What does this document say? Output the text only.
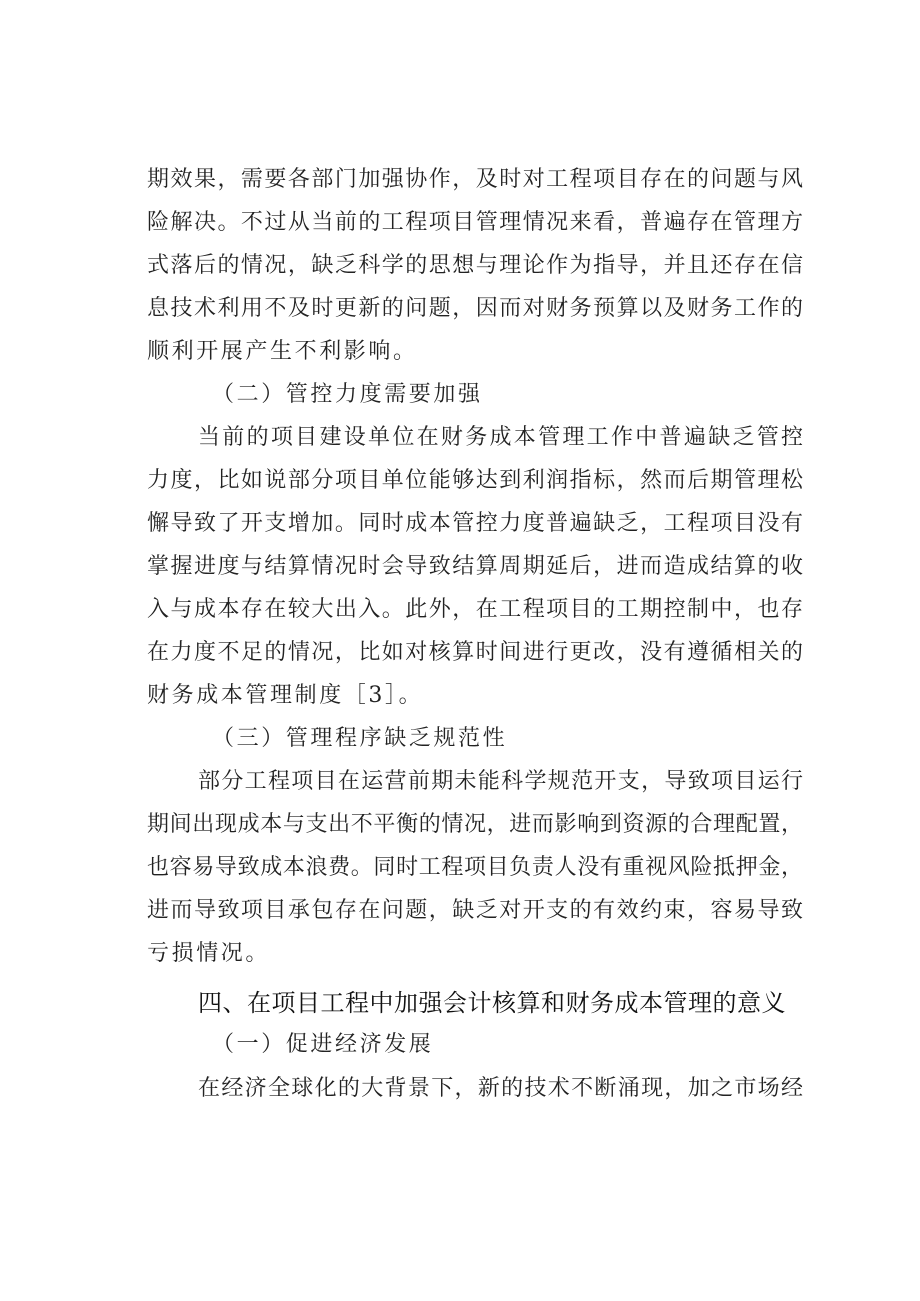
期效果，需要各部门加强协作，及时对工程项目存在的问题与风
险解决。不过从当前的工程项目管理情况来看，普遍存在管理方
式落后的情况，缺乏科学的思想与理论作为指导，并且还存在信
息技术利用不及时更新的问题，因而对财务预算以及财务工作的
顺利开展产生不利影响。
（二）管控力度需要加强
当前的项目建设单位在财务成本管理工作中普遍缺乏管控
力度，比如说部分项目单位能够达到利润指标，然而后期管理松
懈导致了开支增加。同时成本管控力度普遍缺乏，工程项目没有
掌握进度与结算情况时会导致结算周期延后，进而造成结算的收
入与成本存在较大出入。此外，在工程项目的工期控制中，也存
在力度不足的情况，比如对核算时间进行更改，没有遵循相关的
财务成本管理制度［3］。
（三）管理程序缺乏规范性
部分工程项目在运营前期未能科学规范开支，导致项目运行
期间出现成本与支出不平衡的情况，进而影响到资源的合理配置，
也容易导致成本浪费。同时工程项目负责人没有重视风险抵押金，
进而导致项目承包存在问题，缺乏对开支的有效约束，容易导致
亏损情况。
四、在项目工程中加强会计核算和财务成本管理的意义
（一）促进经济发展
在经济全球化的大背景下，新的技术不断涌现，加之市场经
